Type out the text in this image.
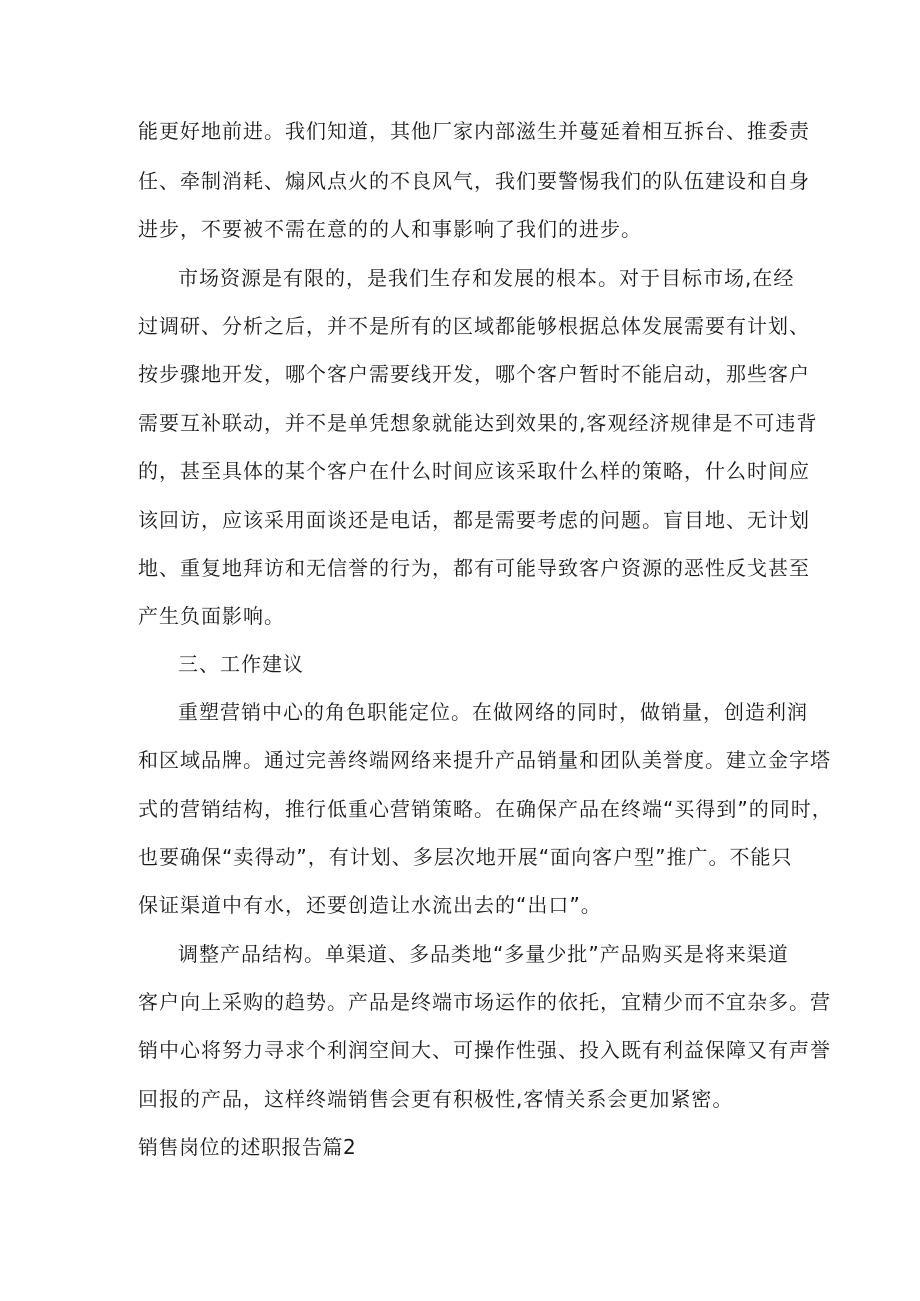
能更好地前进。我们知道，其他厂家内部滋生并蔓延着相互拆台、推委责
任、牵制消耗、煽风点火的不良风气，我们要警惕我们的队伍建设和自身
进步，不要被不需在意的的人和事影响了我们的进步。
市场资源是有限的，是我们生存和发展的根本。对于目标市场,在经
过调研、分析之后，并不是所有的区域都能够根据总体发展需要有计划、
按步骤地开发，哪个客户需要线开发，哪个客户暂时不能启动，那些客户
需要互补联动，并不是单凭想象就能达到效果的,客观经济规律是不可违背
的，甚至具体的某个客户在什么时间应该采取什么样的策略，什么时间应
该回访，应该采用面谈还是电话，都是需要考虑的问题。盲目地、无计划
地、重复地拜访和无信誉的行为，都有可能导致客户资源的恶性反戈甚至
产生负面影响。
三、工作建议
重塑营销中心的角色职能定位。在做网络的同时，做销量，创造利润
和区域品牌。通过完善终端网络来提升产品销量和团队美誉度。建立金字塔
式的营销结构，推行低重心营销策略。在确保产品在终端“买得到”的同时，
也要确保“卖得动”，有计划、多层次地开展“面向客户型”推广。不能只
保证渠道中有水，还要创造让水流出去的“出口”。
调整产品结构。单渠道、多品类地“多量少批”产品购买是将来渠道
客户向上采购的趋势。产品是终端市场运作的依托，宜精少而不宜杂多。营
销中心将努力寻求个利润空间大、可操作性强、投入既有利益保障又有声誉
回报的产品，这样终端销售会更有积极性,客情关系会更加紧密。
销售岗位的述职报告篇2
